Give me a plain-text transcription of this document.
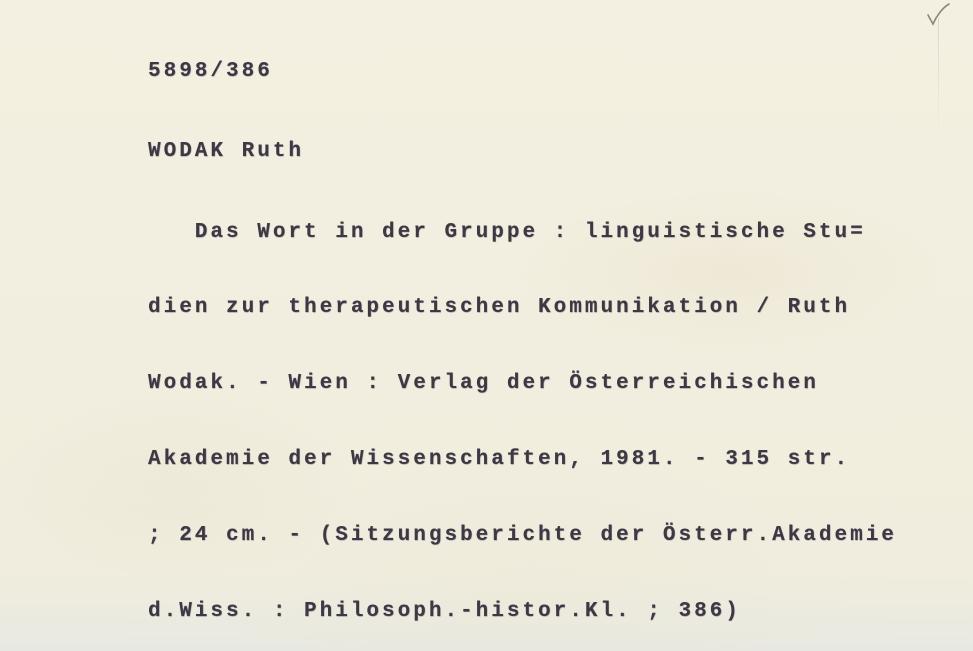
5898/386
WODAK Ruth

Das Wort in der Gruppe : linguistische Stu=

dien zur therapeutischen Kommunikation / Ruth

Wodak. - Wien : Verlag der Österreichischen

Akademie der Wissenschaften, 1981. - 315 str.

; 24 cm. - (Sitzungsberichte der Österr.Akademie

d.Wiss. : Philosoph.-histor.Kl. ; 386)
